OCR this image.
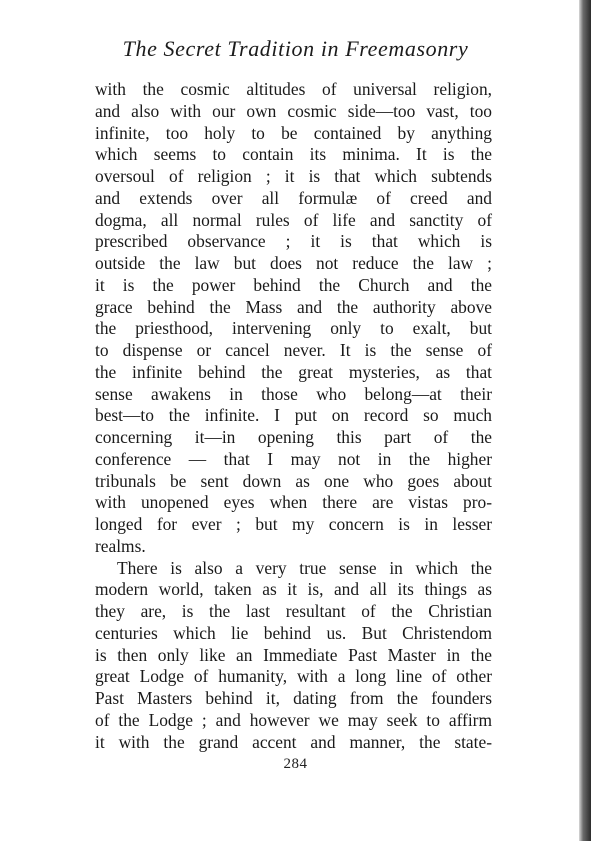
The Secret Tradition in Freemasonry
with the cosmic altitudes of universal religion,
and also with our own cosmic side—too vast, too
infinite, too holy to be contained by anything
which seems to contain its minima. It is the
oversoul of religion ; it is that which subtends
and extends over all formulæ of creed and
dogma, all normal rules of life and sanctity of
prescribed observance ; it is that which is
outside the law but does not reduce the law ;
it is the power behind the Church and the
grace behind the Mass and the authority above
the priesthood, intervening only to exalt, but
to dispense or cancel never. It is the sense of
the infinite behind the great mysteries, as that
sense awakens in those who belong—at their
best—to the infinite. I put on record so much
concerning it—in opening this part of the
conference — that I may not in the higher
tribunals be sent down as one who goes about
with unopened eyes when there are vistas pro-
longed for ever ; but my concern is in lesser
realms.
There is also a very true sense in which the
modern world, taken as it is, and all its things as
they are, is the last resultant of the Christian
centuries which lie behind us. But Christendom
is then only like an Immediate Past Master in the
great Lodge of humanity, with a long line of other
Past Masters behind it, dating from the founders
of the Lodge ; and however we may seek to affirm
it with the grand accent and manner, the state-
284
